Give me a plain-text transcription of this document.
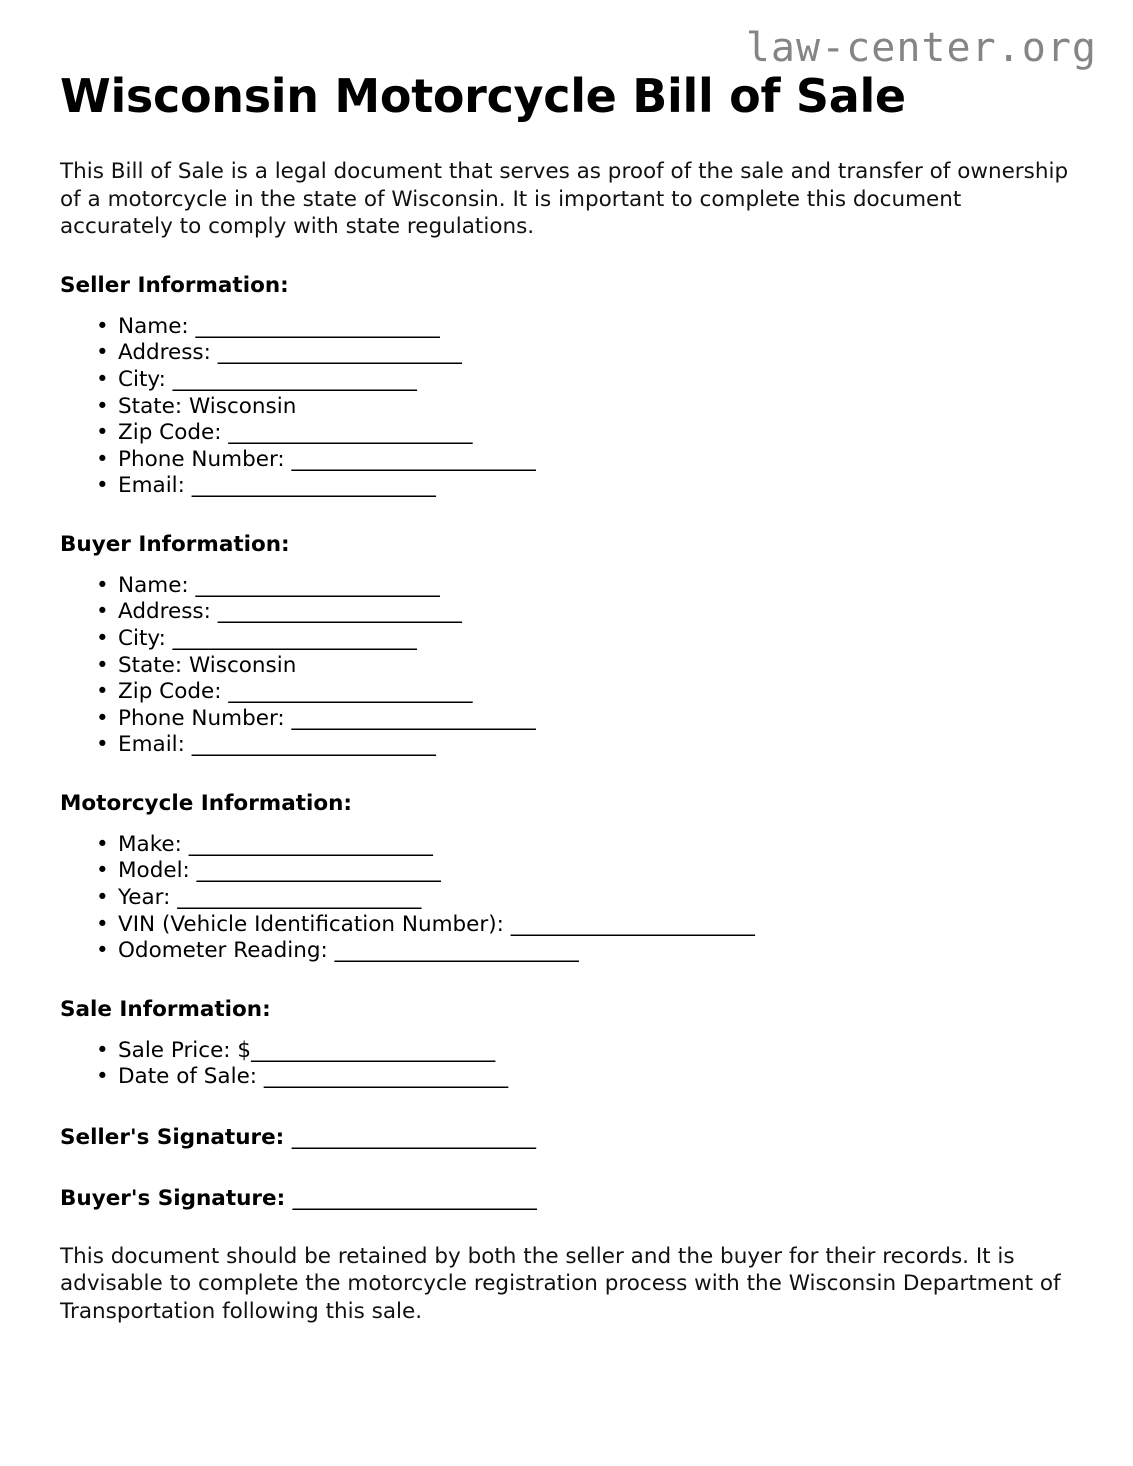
law-center.org
Wisconsin Motorcycle Bill of Sale

This Bill of Sale is a legal document that serves as proof of the sale and transfer of ownership of a motorcycle in the state of Wisconsin. It is important to complete this document accurately to comply with state regulations.

Seller Information:
• Name: ________________________
• Address: ________________________
• City: ________________________
• State: Wisconsin
• Zip Code: ________________________
• Phone Number: ________________________
• Email: ________________________
Buyer Information:
• Name: ________________________
• Address: ________________________
• City: ________________________
• State: Wisconsin
• Zip Code: ________________________
• Phone Number: ________________________
• Email: ________________________
Motorcycle Information:
• Make: ________________________
• Model: ________________________
• Year: ________________________
• VIN (Vehicle Identification Number): ________________________
• Odometer Reading: ________________________
Sale Information:
• Sale Price: $________________________
• Date of Sale: ________________________

Seller's Signature: ________________________

Buyer's Signature: ________________________

This document should be retained by both the seller and the buyer for their records. It is advisable to complete the motorcycle registration process with the Wisconsin Department of Transportation following this sale.
